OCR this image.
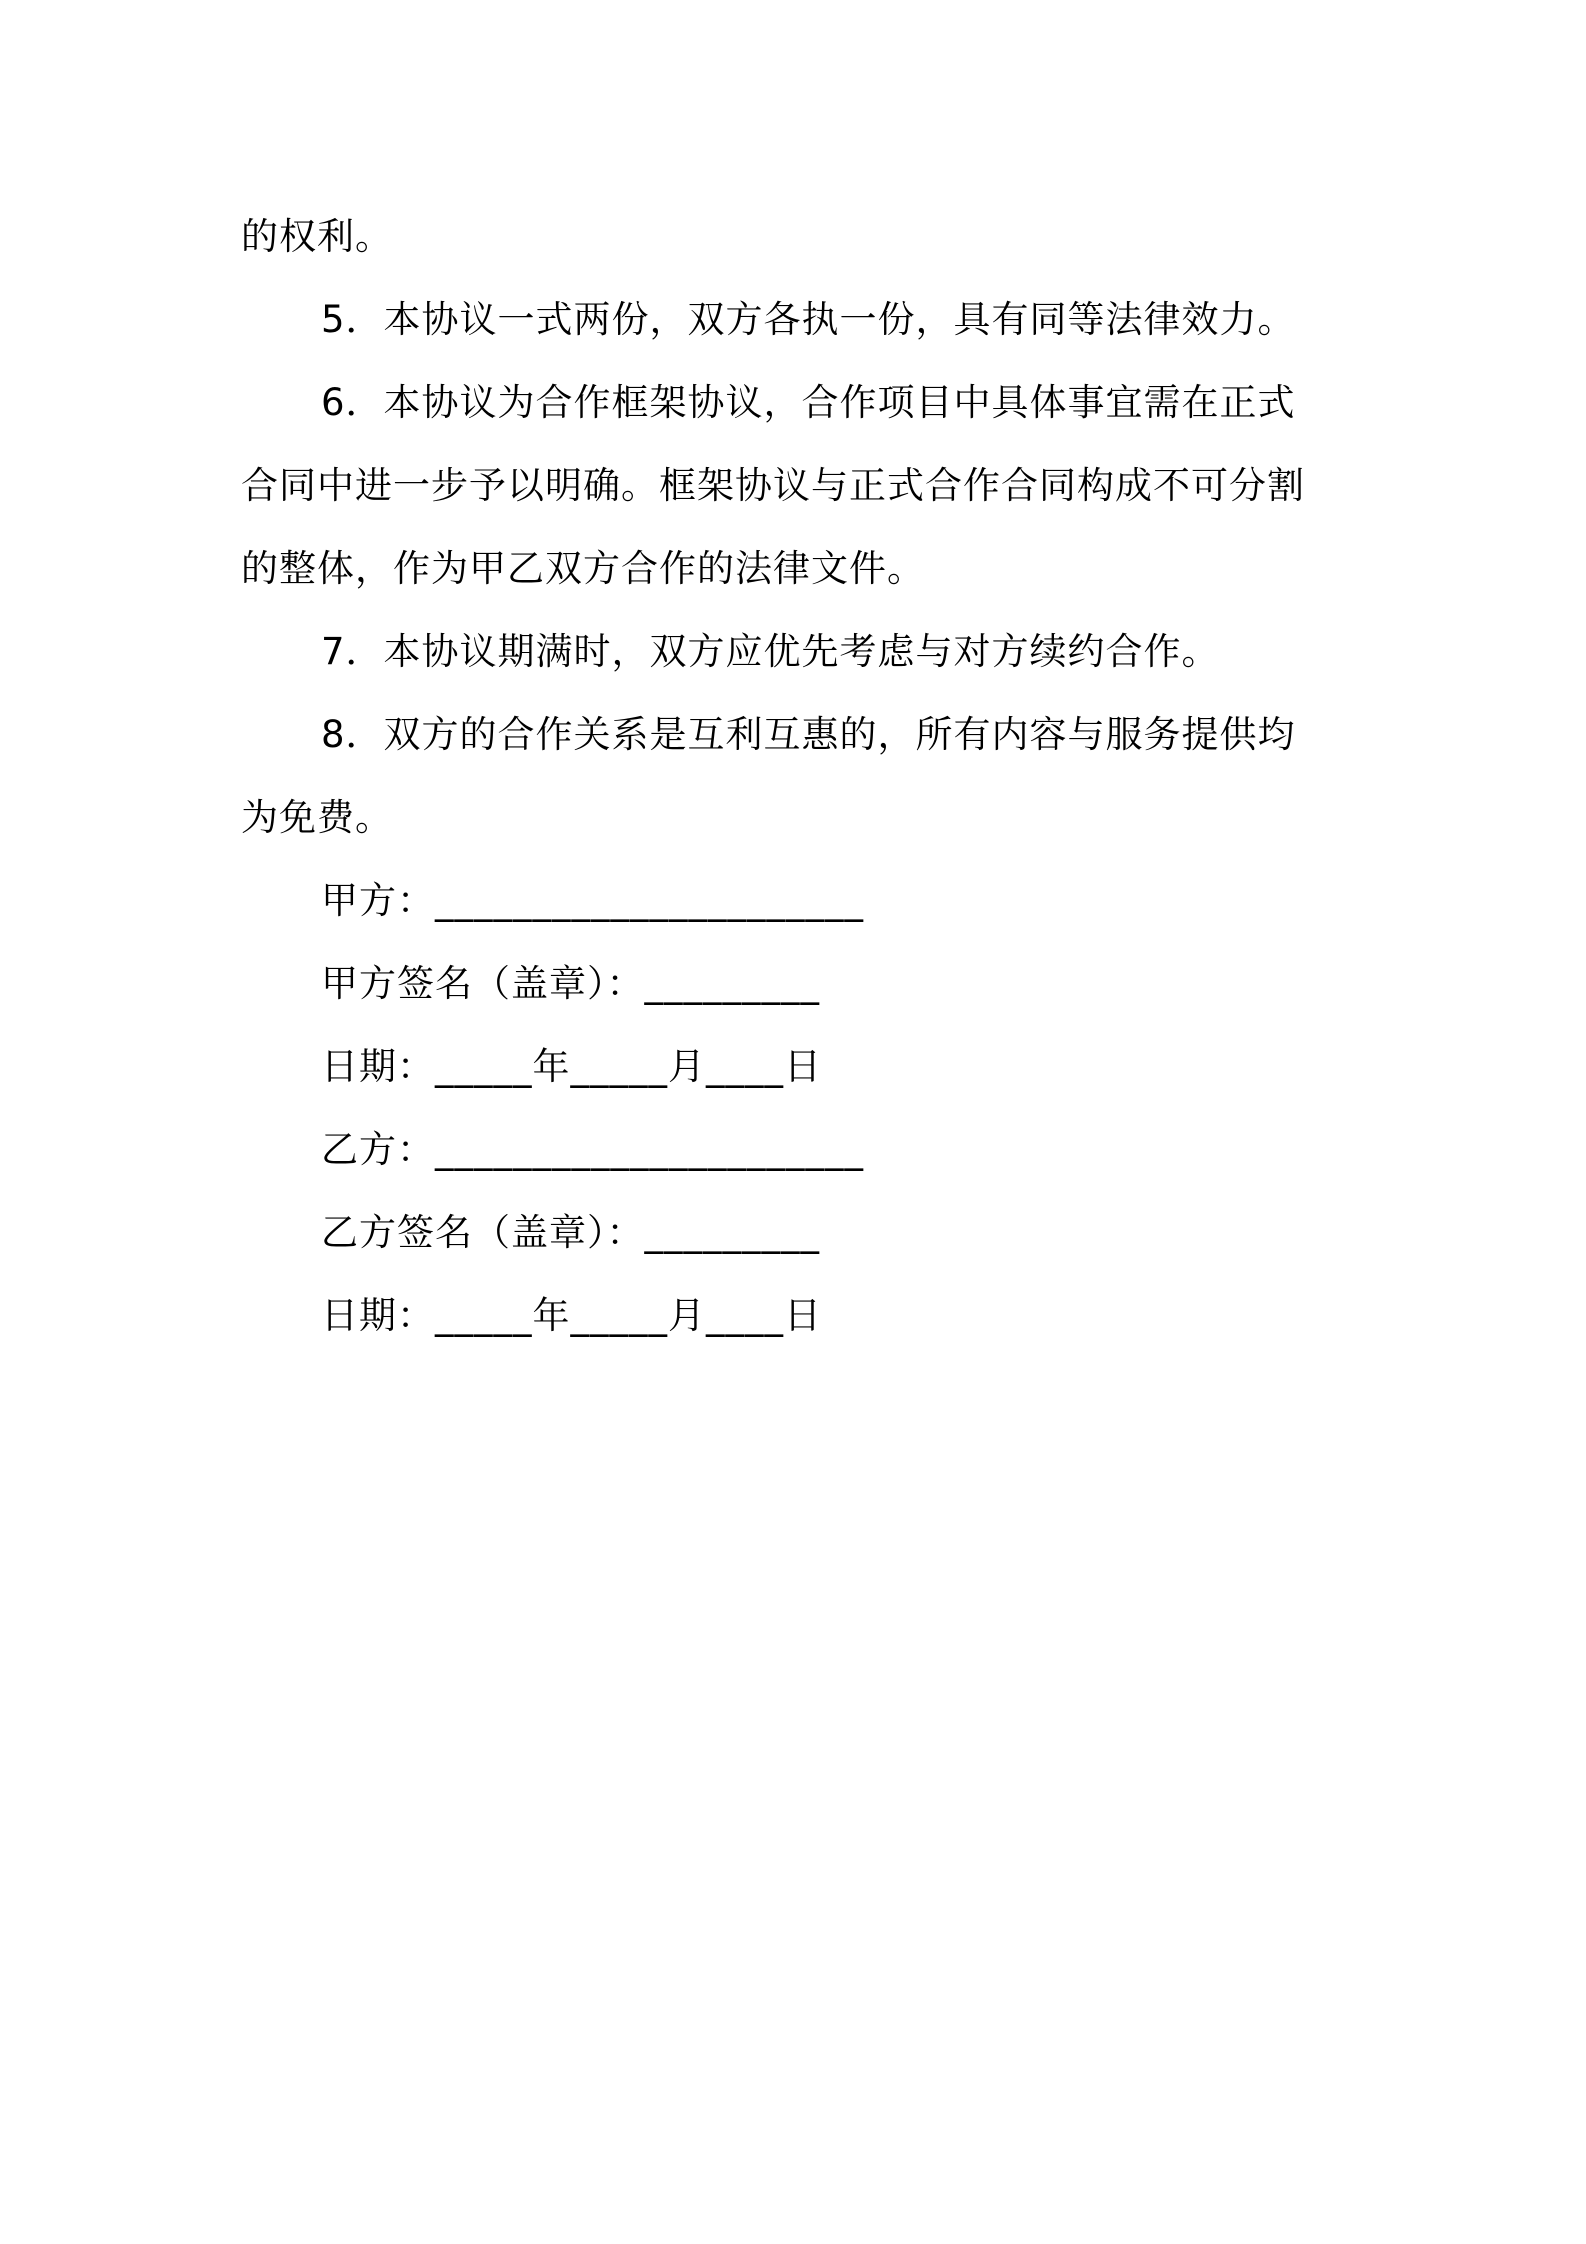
的权利。

5．本协议一式两份，双方各执一份，具有同等法律效力。

6．本协议为合作框架协议，合作项目中具体事宜需在正式
合同中进一步予以明确。框架协议与正式合作合同构成不可分割
的整体，作为甲乙双方合作的法律文件。

7．本协议期满时，双方应优先考虑与对方续约合作。

8．双方的合作关系是互利互惠的，所有内容与服务提供均
为免费。

甲方：______________________

甲方签名（盖章）：_________

日期：_____年_____月____日

乙方：______________________

乙方签名（盖章）：_________

日期：_____年_____月____日
